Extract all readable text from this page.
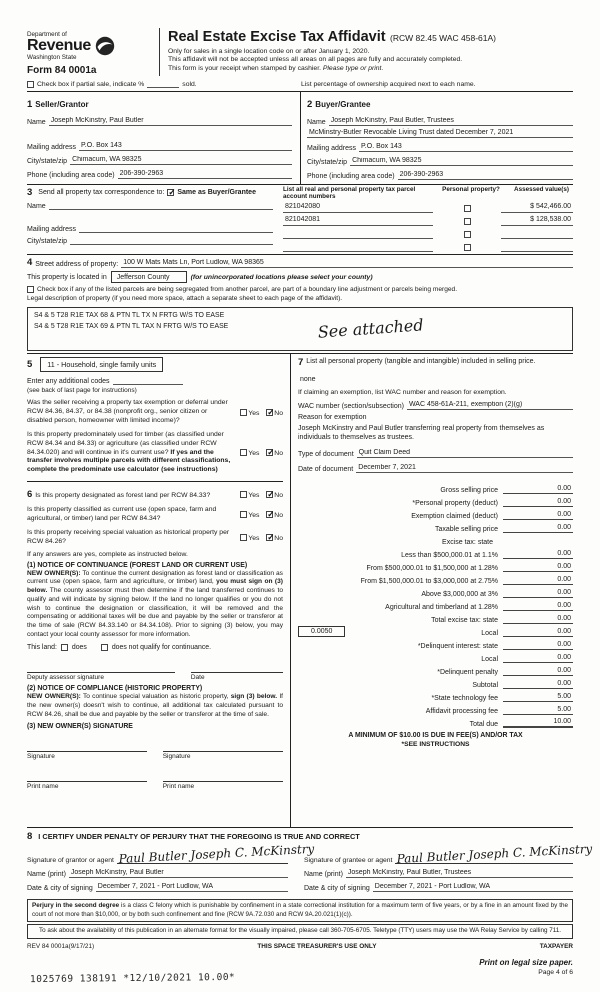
Department of
Revenue
Washington State
Form 84 0001a
Real Estate Excise Tax Affidavit (RCW 82.45 WAC 458-61A)
Only for sales in a single location code on or after January 1, 2020.
This affidavit will not be accepted unless all areas on all pages are fully and accurately completed.
This form is your receipt when stamped by cashier. Please type or print.
Check box if partial sale, indicate %	sold.	List percentage of ownership acquired next to each name.
1 Seller/Grantor
Name Joseph McKinstry, Paul Butler
Mailing address P.O. Box 143
City/state/zip Chimacum, WA 98325
Phone (including area code) 206-390-2963
2 Buyer/Grantee
Name Joseph McKinstry, Paul Butler, Trustees
McMinstry-Butler Revocable Living Trust dated December 7, 2021
Mailing address P.O. Box 143
City/state/zip Chimacum, WA 98325
Phone (including area code) 206-390-2963
3 Send all property tax correspondence to: ✓ Same as Buyer/Grantee
Name
Mailing address
City/state/zip
List all real and personal property tax parcel account numbers
Personal property?	Assessed value(s)
821042080	$ 542,466.00
821042081	$ 128,538.00
4 Street address of property: 100 W Mats Mats Ln, Port Ludlow, WA 98365
This property is located in	Jefferson County	(for unincorporated locations please select your county)
Check box if any of the listed parcels are being segregated from another parcel, are part of a boundary line adjustment or parcels being merged.
Legal description of property (if you need more space, attach a separate sheet to each page of the affidavit).
S4 & 5 T28 R1E TAX 68 & PTN TL TX N FRTG W/S TO EASE
S4 & 5 T28 R1E TAX 69 & PTN TL TAX N FRTG W/S TO EASE	See attached
5	11 - Household, single family units
Enter any additional codes
(see back of last page for instructions)
Was the seller receiving a property tax exemption or deferral under RCW 84.36, 84.37, or 84.38 (nonprofit org., senior citizen or disabled person, homeowner with limited income)?
Yes ✓ No
Is this property predominately used for timber (as classified under RCW 84.34 and 84.33) or agriculture (as classified under RCW 84.34.020) and will continue in it's current use? If yes and the transfer involves multiple parcels with different classifications, complete the predominate use calculator (see instructions)
Yes ✓ No
6 Is this property designated as forest land per RCW 84.33?	Yes ✓ No
Is this property classified as current use (open space, farm and agricultural, or timber) land per RCW 84.34?	Yes ✓ No
Is this property receiving special valuation as historical property per RCW 84.26?	Yes ✓ No
If any answers are yes, complete as instructed below.
(1) NOTICE OF CONTINUANCE (FOREST LAND OR CURRENT USE)
NEW OWNER(S): To continue the current designation as forest land or classification as current use (open space, farm and agriculture, or timber) land, you must sign on (3) below. The county assessor must then determine if the land transferred continues to qualify and will indicate by signing below. If the land no longer qualifies or you do not wish to continue the designation or classification, it will be removed and the compensating or additional taxes will be due and payable by the seller or transferor at the time of sale (RCW 84.33.140 or 84.34.108). Prior to signing (3) below, you may contact your local county assessor for more information.
This land: does	does not qualify for continuance.
Deputy assessor signature	Date
(2) NOTICE OF COMPLIANCE (HISTORIC PROPERTY)
NEW OWNER(S): To continue special valuation as historic property, sign (3) below. If the new owner(s) doesn't wish to continue, all additional tax calculated pursuant to RCW 84.26, shall be due and payable by the seller or transferor at the time of sale.
(3) NEW OWNER(S) SIGNATURE
Signature	Signature
Print name	Print name
7 List all personal property (tangible and intangible) included in selling price.
none
If claiming an exemption, list WAC number and reason for exemption.
WAC number (section/subsection) WAC 458-61A-211, exemption (2)(g)
Reason for exemption
Joseph McKinstry and Paul Butler transferring real property from themselves as individuals to themselves as trustees.
Type of document Quit Claim Deed
Date of document December 7, 2021
Gross selling price	0.00
*Personal property (deduct)	0.00
Exemption claimed (deduct)	0.00
Taxable selling price	0.00
Excise tax: state
Less than $500,000.01 at 1.1%	0.00
From $500,000.01 to $1,500,000 at 1.28%	0.00
From $1,500,000.01 to $3,000,000 at 2.75%	0.00
Above $3,000,000 at 3%	0.00
Agricultural and timberland at 1.28%	0.00
Total excise tax: state	0.00
0.0050	Local	0.00
*Delinquent interest: state	0.00
Local	0.00
*Delinquent penalty	0.00
Subtotal	0.00
*State technology fee	5.00
Affidavit processing fee	5.00
Total due	10.00
A MINIMUM OF $10.00 IS DUE IN FEE(S) AND/OR TAX
*SEE INSTRUCTIONS
8 I CERTIFY UNDER PENALTY OF PERJURY THAT THE FOREGOING IS TRUE AND CORRECT
Signature of grantor or agent Paul Butler Joseph C. McKinstry
Name (print) Joseph McKinstry, Paul Butler
Date & city of signing December 7, 2021 - Port Ludlow, WA
Signature of grantee or agent Paul Butler Joseph C. McKinstry
Name (print) Joseph McKinstry, Paul Butler, Trustees
Date & city of signing December 7, 2021 - Port Ludlow, WA
Perjury in the second degree is a class C felony which is punishable by confinement in a state correctional institution for a maximum term of five years, or by a fine in an amount fixed by the court of not more than $10,000, or by both such confinement and fine (RCW 9A.72.030 and RCW 9A.20.021(1)(c)).
To ask about the availability of this publication in an alternate format for the visually impaired, please call 360-705-6705. Teletype (TTY) users may use the WA Relay Service by calling 711.
REV 84 0001a(9/17/21)	THIS SPACE TREASURER'S USE ONLY	TAXPAYER
Print on legal size paper.
Page 4 of 6
1025769 138191 *12/10/2021 10.00*
